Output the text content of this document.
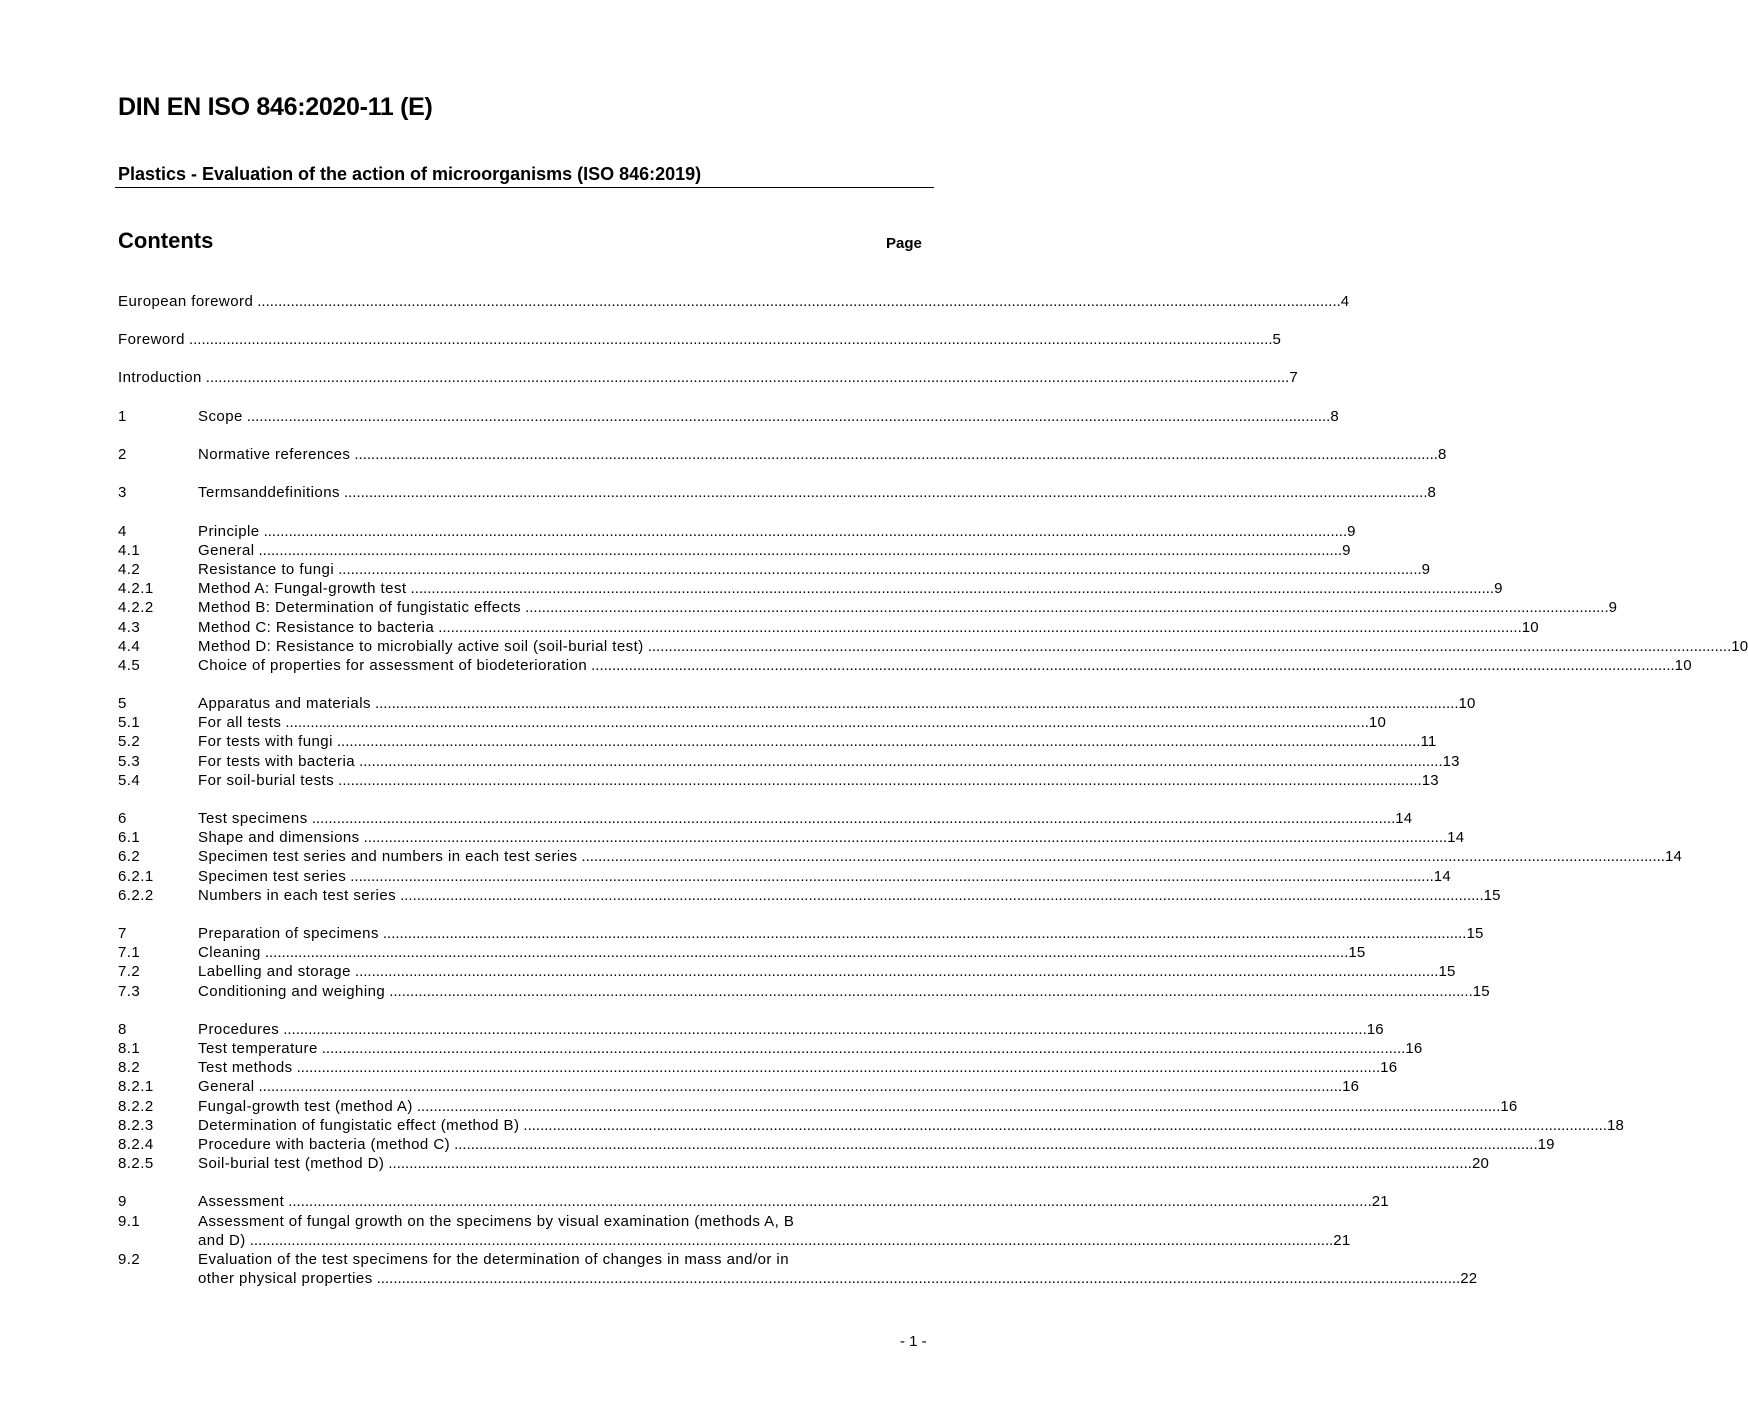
DIN EN ISO 846:2020-11 (E)
Plastics - Evaluation of the action of microorganisms (ISO 846:2019)
Contents	Page
European foreword .................................................................................................................................................................................................................................................................... 4
Foreword .................................................................................................................................................................................................................................................................... 5
Introduction .................................................................................................................................................................................................................................................................... 7
1	Scope .................................................................................................................................................................................................................................................................... 8
2	Normative references .................................................................................................................................................................................................................................................................... 8
3	Termsanddefinitions .................................................................................................................................................................................................................................................................... 8
4	Principle .................................................................................................................................................................................................................................................................... 9
4.1	General .................................................................................................................................................................................................................................................................... 9
4.2	Resistance to fungi .................................................................................................................................................................................................................................................................... 9
4.2.1	Method A: Fungal-growth test .................................................................................................................................................................................................................................................................... 9
4.2.2	Method B: Determination of fungistatic effects .................................................................................................................................................................................................................................................................... 9
4.3	Method C: Resistance to bacteria .................................................................................................................................................................................................................................................................... 10
4.4	Method D: Resistance to microbially active soil (soil-burial test) .................................................................................................................................................................................................................................................................... 10
4.5	Choice of properties for assessment of biodeterioration .................................................................................................................................................................................................................................................................... 10
5	Apparatus and materials .................................................................................................................................................................................................................................................................... 10
5.1	For all tests .................................................................................................................................................................................................................................................................... 10
5.2	For tests with fungi .................................................................................................................................................................................................................................................................... 11
5.3	For tests with bacteria .................................................................................................................................................................................................................................................................... 13
5.4	For soil-burial tests .................................................................................................................................................................................................................................................................... 13
6	Test specimens .................................................................................................................................................................................................................................................................... 14
6.1	Shape and dimensions .................................................................................................................................................................................................................................................................... 14
6.2	Specimen test series and numbers in each test series .................................................................................................................................................................................................................................................................... 14
6.2.1	Specimen test series .................................................................................................................................................................................................................................................................... 14
6.2.2	Numbers in each test series .................................................................................................................................................................................................................................................................... 15
7	Preparation of specimens .................................................................................................................................................................................................................................................................... 15
7.1	Cleaning .................................................................................................................................................................................................................................................................... 15
7.2	Labelling and storage .................................................................................................................................................................................................................................................................... 15
7.3	Conditioning and weighing .................................................................................................................................................................................................................................................................... 15
8	Procedures .................................................................................................................................................................................................................................................................... 16
8.1	Test temperature .................................................................................................................................................................................................................................................................... 16
8.2	Test methods .................................................................................................................................................................................................................................................................... 16
8.2.1	General .................................................................................................................................................................................................................................................................... 16
8.2.2	Fungal-growth test (method A) .................................................................................................................................................................................................................................................................... 16
8.2.3	Determination of fungistatic effect (method B) .................................................................................................................................................................................................................................................................... 18
8.2.4	Procedure with bacteria (method C) .................................................................................................................................................................................................................................................................... 19
8.2.5	Soil-burial test (method D) .................................................................................................................................................................................................................................................................... 20
9	Assessment .................................................................................................................................................................................................................................................................... 21
9.1	Assessment of fungal growth on the specimens by visual examination (methods A, B
and D) .................................................................................................................................................................................................................................................................... 21
9.2	Evaluation of the test specimens for the determination of changes in mass and/or in
other physical properties .................................................................................................................................................................................................................................................................... 22
- 1 -
